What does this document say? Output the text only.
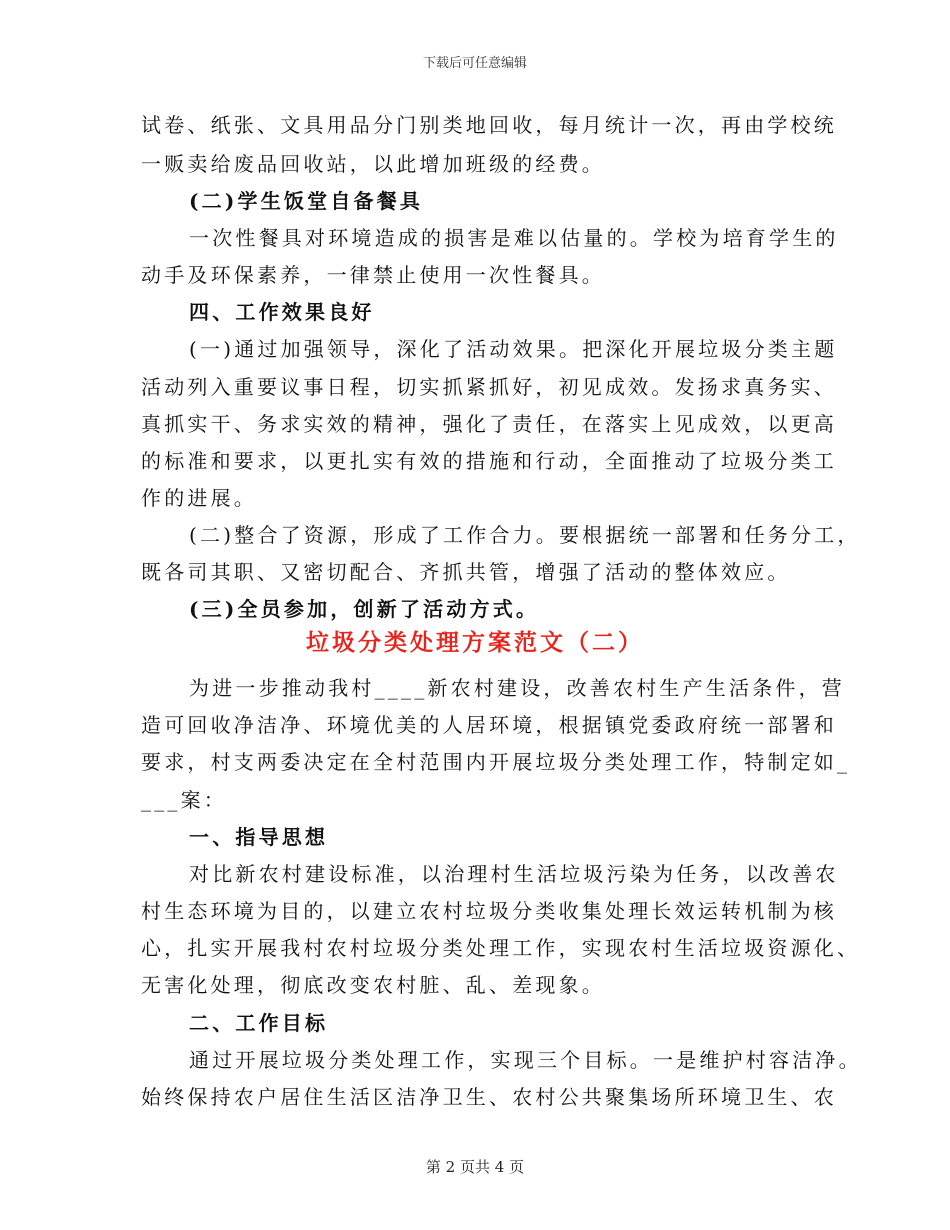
下载后可任意编辑
试卷、纸张、文具用品分门别类地回收，每月统计一次，再由学校统
一贩卖给废品回收站，以此增加班级的经费。
(二)学生饭堂自备餐具
一次性餐具对环境造成的损害是难以估量的。学校为培育学生的
动手及环保素养，一律禁止使用一次性餐具。
四、工作效果良好
(一)通过加强领导，深化了活动效果。把深化开展垃圾分类主题
活动列入重要议事日程，切实抓紧抓好，初见成效。发扬求真务实、
真抓实干、务求实效的精神，强化了责任，在落实上见成效，以更高
的标准和要求，以更扎实有效的措施和行动，全面推动了垃圾分类工
作的进展。
(二)整合了资源，形成了工作合力。要根据统一部署和任务分工，
既各司其职、又密切配合、齐抓共管，增强了活动的整体效应。
(三)全员参加，创新了活动方式。
垃圾分类处理方案范文（二）
为进一步推动我村____新农村建设，改善农村生产生活条件，营
造可回收净洁净、环境优美的人居环境，根据镇党委政府统一部署和
要求，村支两委决定在全村范围内开展垃圾分类处理工作，特制定如_
___案：
一、指导思想
对比新农村建设标准，以治理村生活垃圾污染为任务，以改善农
村生态环境为目的，以建立农村垃圾分类收集处理长效运转机制为核
心，扎实开展我村农村垃圾分类处理工作，实现农村生活垃圾资源化、
无害化处理，彻底改变农村脏、乱、差现象。
二、工作目标
通过开展垃圾分类处理工作，实现三个目标。一是维护村容洁净。
始终保持农户居住生活区洁净卫生、农村公共聚集场所环境卫生、农
第 2 页共 4 页
